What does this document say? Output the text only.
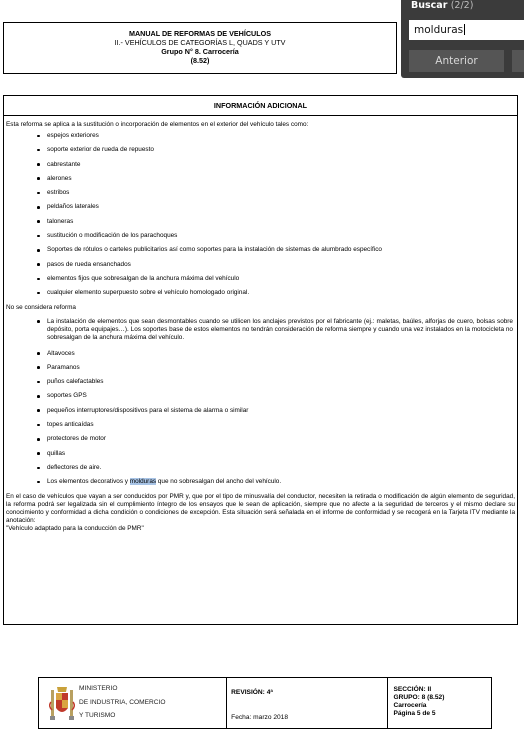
MANUAL DE REFORMAS DE VEHÍCULOS
II.- VEHÍCULOS DE CATEGORÍAS L, QUADS Y UTV
Grupo N° 8. Carrocería
(8.52)
INFORMACIÓN ADICIONAL
Esta reforma se aplica a la sustitución o incorporación de elementos en el exterior del vehículo tales como:
espejos exteriores
soporte exterior de rueda de repuesto
cabrestante
alerones
estribos
peldaños laterales
taloneras
sustitución o modificación de los parachoques
Soportes de rótulos o carteles publicitarios así como soportes para la instalación de sistemas de alumbrado específico
pasos de rueda ensanchados
elementos fijos que sobresalgan de la anchura máxima del vehículo
cualquier elemento superpuesto sobre el vehículo homologado original.
No se considera reforma
La instalación de elementos que sean desmontables cuando se utilicen los anclajes previstos por el fabricante (ej.: maletas, baúles, alforjas de cuero, bolsas sobre depósito, porta equipajes…). Los soportes base de estos elementos no tendrán consideración de reforma siempre y cuando una vez instalados en la motocicleta no sobresalgan de la anchura máxima del vehículo.
Altavoces
Paramanos
puños calefactables
soportes GPS
pequeños interruptores/dispositivos para el sistema de alarma o similar
topes anticaídas
protectores de motor
quillas
deflectores de aire.
Los elementos decorativos y molduras que no sobresalgan del ancho del vehículo.
En el caso de vehículos que vayan a ser conducidos por PMR y, que por el tipo de minusvalía del conductor, necesiten la retirada o modificación de algún elemento de seguridad, la reforma podrá ser legalizada sin el cumplimiento íntegro de los ensayos que le sean de aplicación, siempre que no afecte a la seguridad de terceros y el mismo declare su conocimiento y conformidad a dicha condición o condiciones de excepción. Esta situación será señalada en el informe de conformidad y se recogerá en la Tarjeta ITV mediante la anotación:
"Vehículo adaptado para la conducción de PMR"
MINISTERIO
DE INDUSTRIA, COMERCIO
Y TURISMO
REVISIÓN: 4ª
Fecha: marzo 2018
SECCIÓN: II
GRUPO: 8 (8.52)
Carrocería
Página 5 de 5
Buscar (2/2)
molduras
Anterior
